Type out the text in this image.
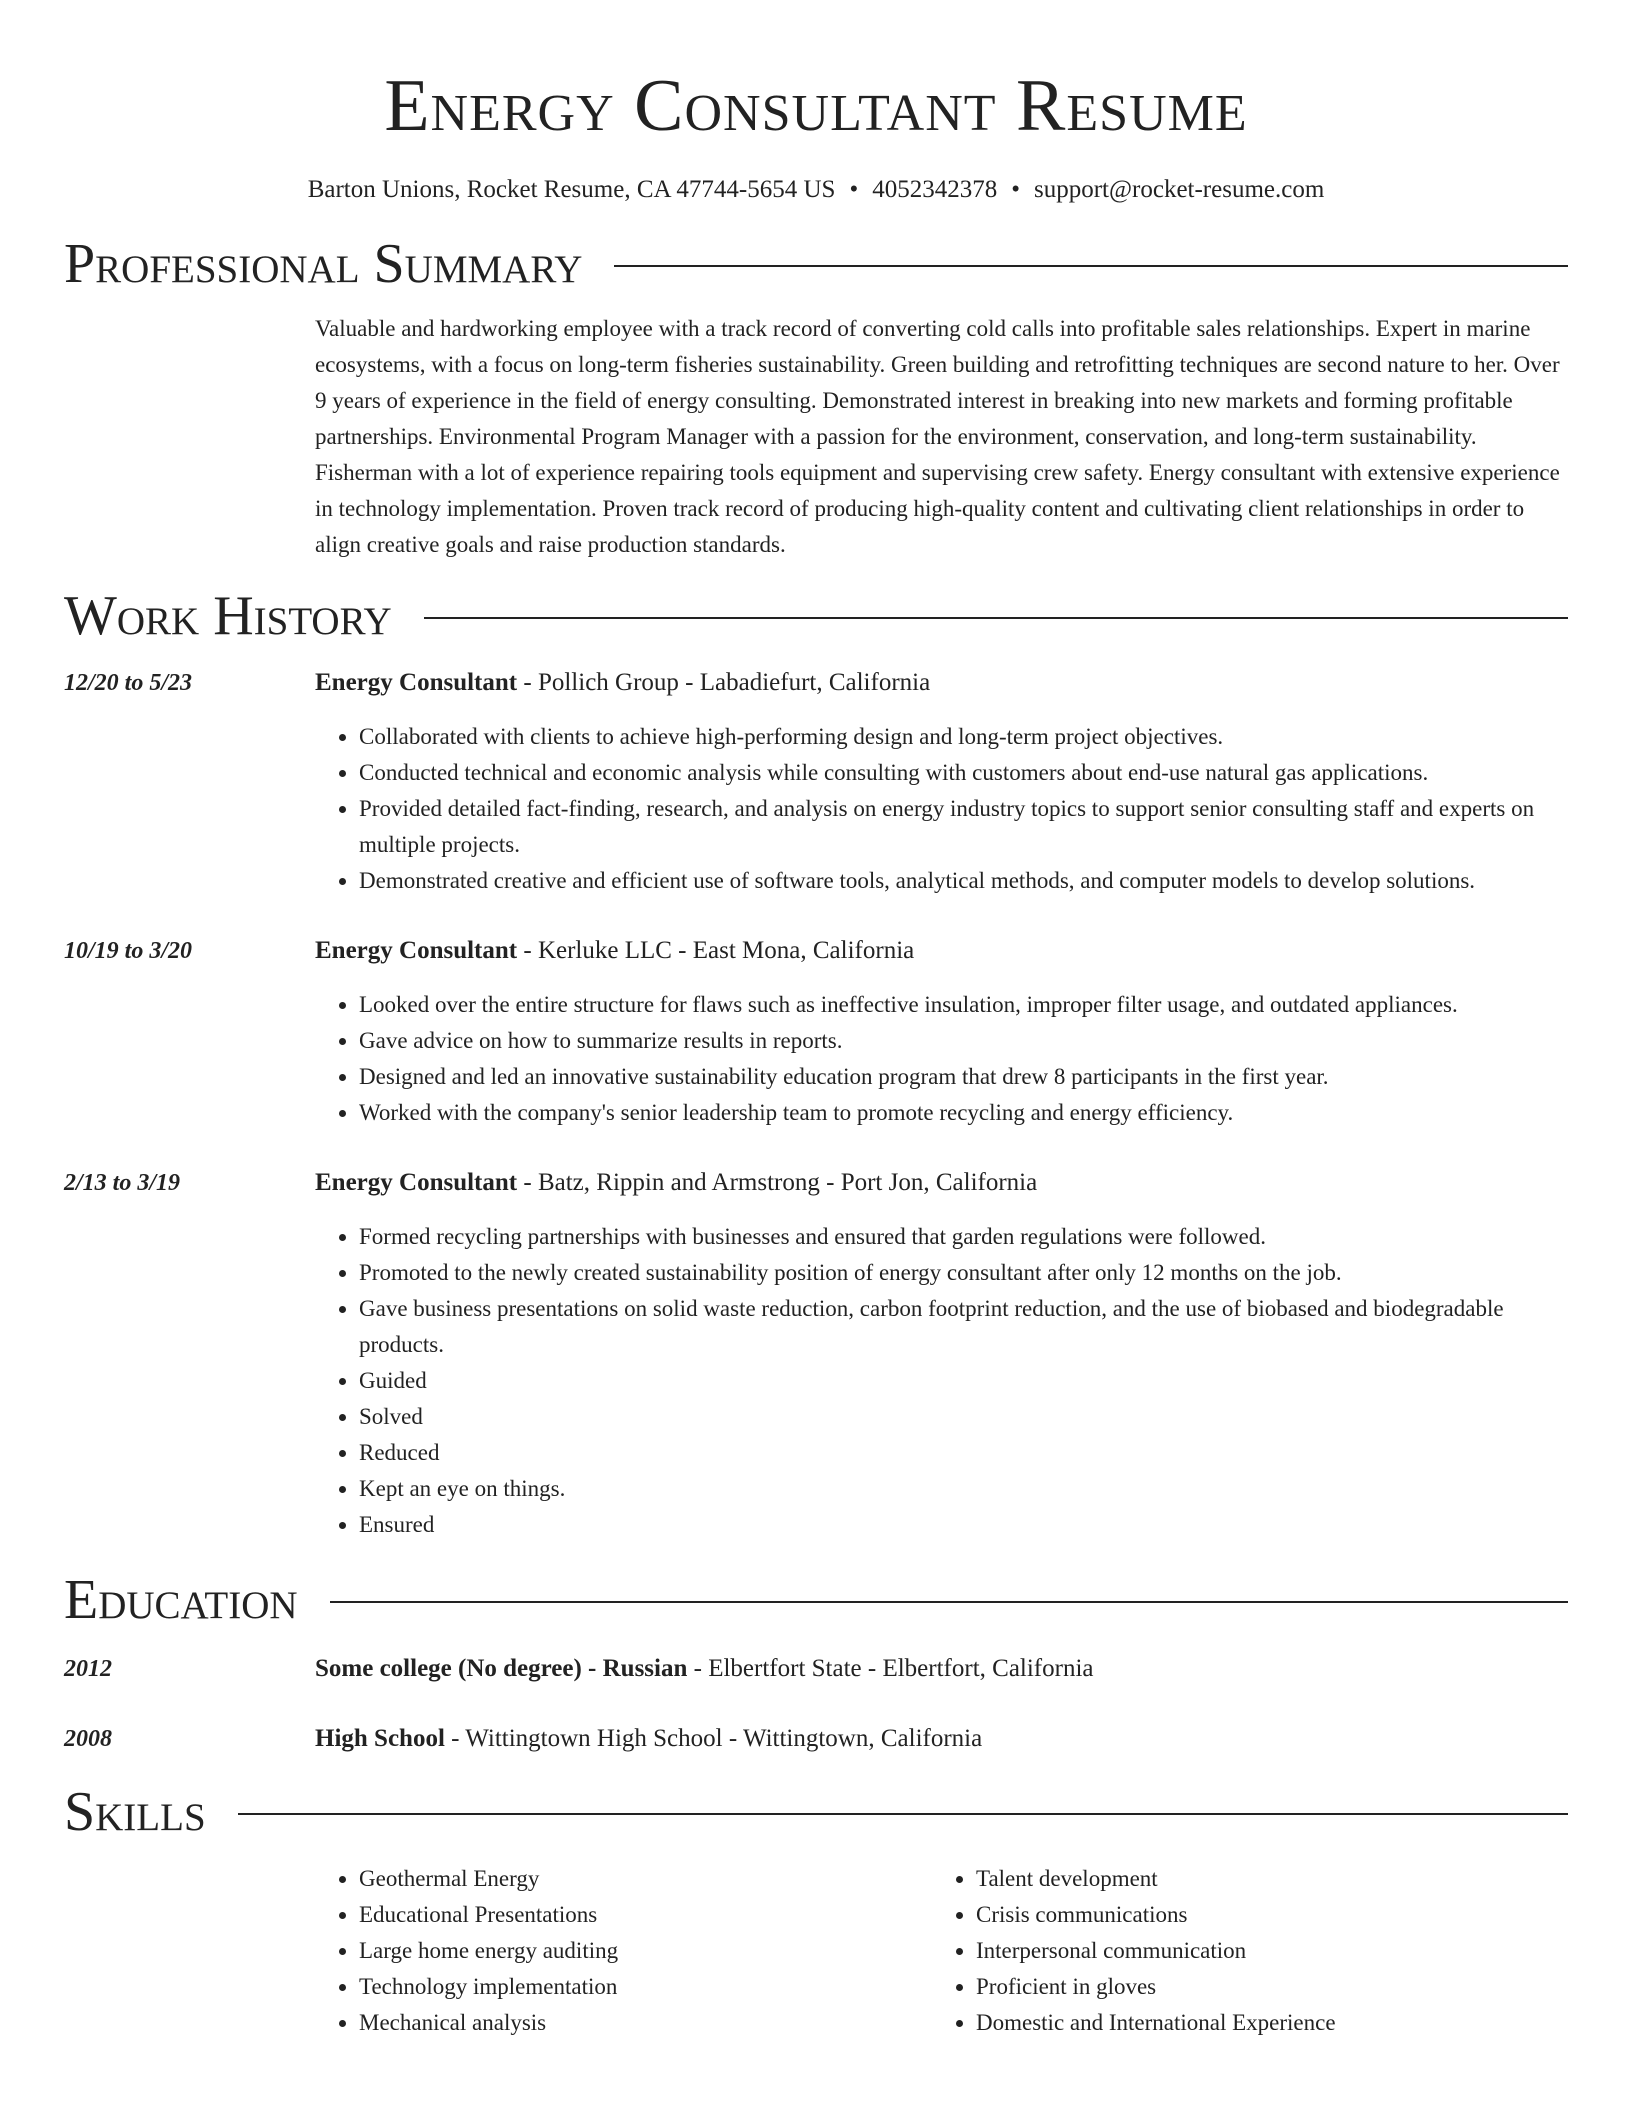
Energy Consultant Resume
Barton Unions, Rocket Resume, CA 47744-5654 US • 4052342378 • support@rocket-resume.com
Professional Summary
Valuable and hardworking employee with a track record of converting cold calls into profitable sales relationships. Expert in marine ecosystems, with a focus on long-term fisheries sustainability. Green building and retrofitting techniques are second nature to her. Over 9 years of experience in the field of energy consulting. Demonstrated interest in breaking into new markets and forming profitable partnerships. Environmental Program Manager with a passion for the environment, conservation, and long-term sustainability. Fisherman with a lot of experience repairing tools equipment and supervising crew safety. Energy consultant with extensive experience in technology implementation. Proven track record of producing high-quality content and cultivating client relationships in order to align creative goals and raise production standards.
Work History
12/20 to 5/23	Energy Consultant - Pollich Group - Labadiefurt, California
• Collaborated with clients to achieve high-performing design and long-term project objectives.
• Conducted technical and economic analysis while consulting with customers about end-use natural gas applications.
• Provided detailed fact-finding, research, and analysis on energy industry topics to support senior consulting staff and experts on multiple projects.
• Demonstrated creative and efficient use of software tools, analytical methods, and computer models to develop solutions.
10/19 to 3/20	Energy Consultant - Kerluke LLC - East Mona, California
• Looked over the entire structure for flaws such as ineffective insulation, improper filter usage, and outdated appliances.
• Gave advice on how to summarize results in reports.
• Designed and led an innovative sustainability education program that drew 8 participants in the first year.
• Worked with the company's senior leadership team to promote recycling and energy efficiency.
2/13 to 3/19	Energy Consultant - Batz, Rippin and Armstrong - Port Jon, California
• Formed recycling partnerships with businesses and ensured that garden regulations were followed.
• Promoted to the newly created sustainability position of energy consultant after only 12 months on the job.
• Gave business presentations on solid waste reduction, carbon footprint reduction, and the use of biobased and biodegradable products.
• Guided
• Solved
• Reduced
• Kept an eye on things.
• Ensured
Education
2012	Some college (No degree) - Russian - Elbertfort State - Elbertfort, California
2008	High School - Wittingtown High School - Wittingtown, California
Skills
• Geothermal Energy
• Educational Presentations
• Large home energy auditing
• Technology implementation
• Mechanical analysis
• Talent development
• Crisis communications
• Interpersonal communication
• Proficient in gloves
• Domestic and International Experience
